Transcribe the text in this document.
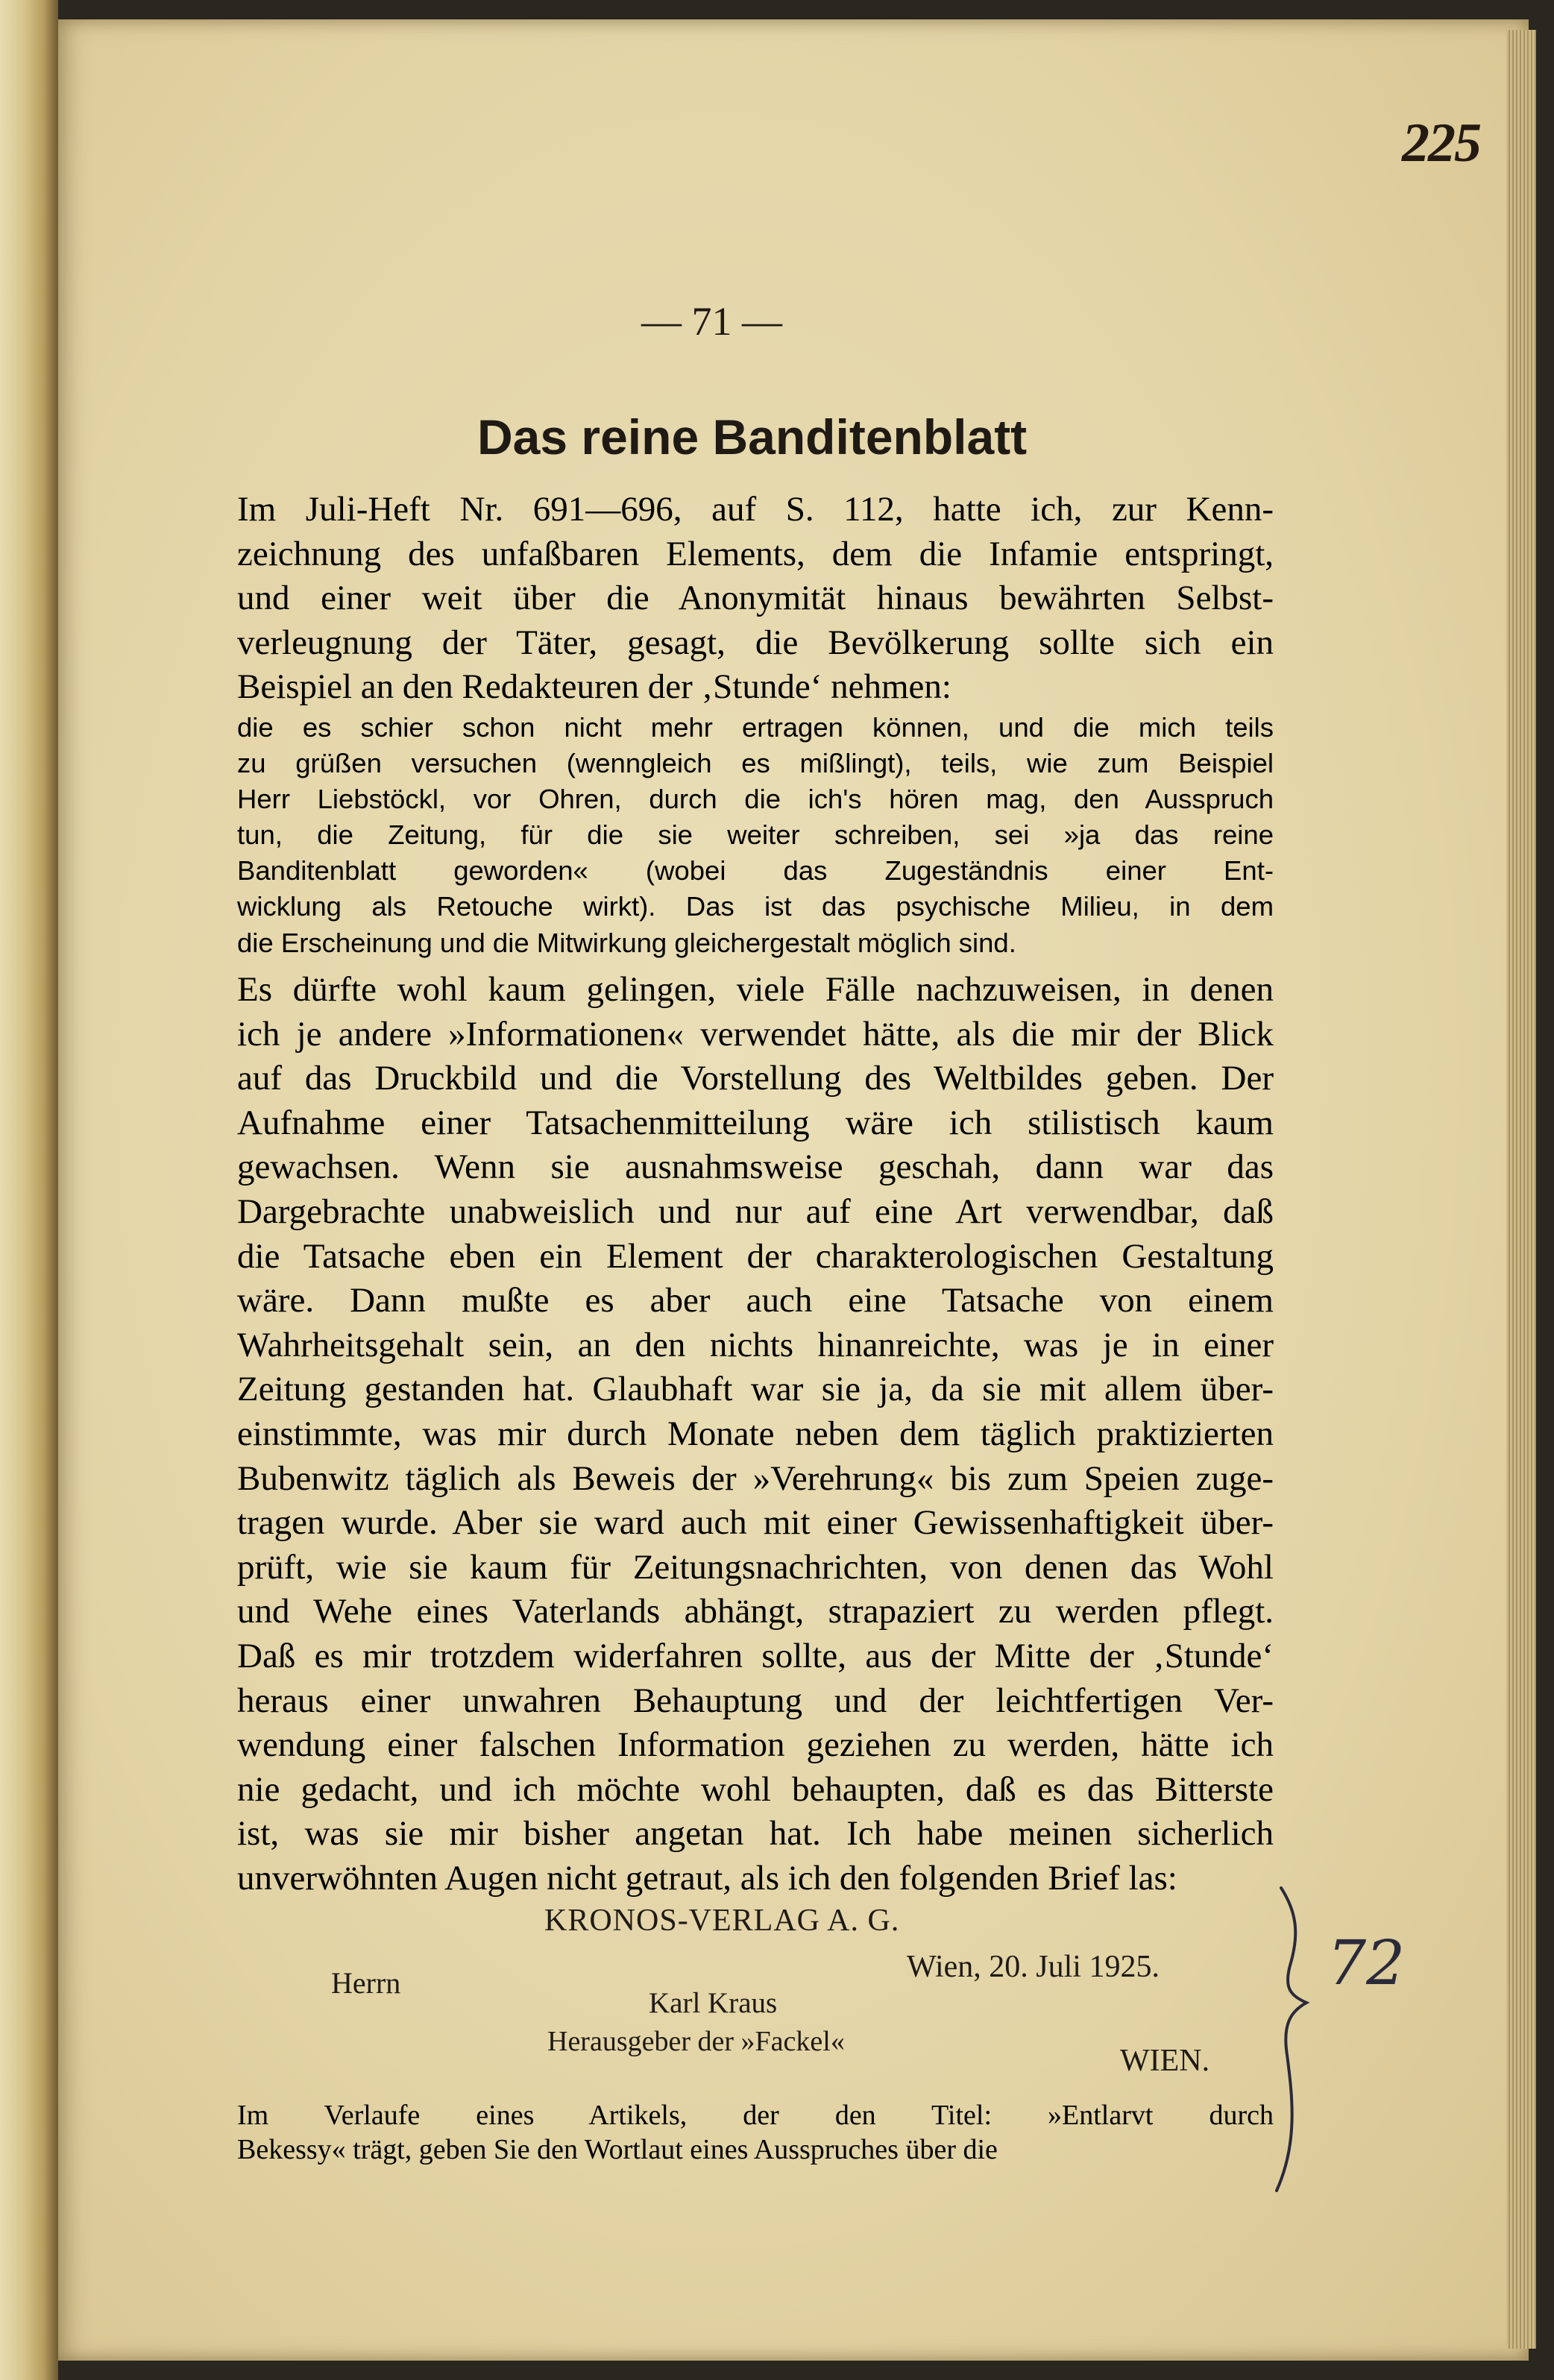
225
— 71 —
Das reine Banditenblatt
Im Juli-Heft Nr. 691—696, auf S. 112, hatte ich, zur Kenn-
zeichnung des unfaßbaren Elements, dem die Infamie entspringt,
und einer weit über die Anonymität hinaus bewährten Selbst-
verleugnung der Täter, gesagt, die Bevölkerung sollte sich ein
Beispiel an den Redakteuren der ‚Stunde‘ nehmen:
die es schier schon nicht mehr ertragen können, und die mich teils
zu grüßen versuchen (wenngleich es mißlingt), teils, wie zum Beispiel
Herr Liebstöckl, vor Ohren, durch die ich's hören mag, den Ausspruch
tun, die Zeitung, für die sie weiter schreiben, sei »ja das reine
Banditenblatt geworden« (wobei das Zugeständnis einer Ent-
wicklung als Retouche wirkt). Das ist das psychische Milieu, in dem
die Erscheinung und die Mitwirkung gleichergestalt möglich sind.
Es dürfte wohl kaum gelingen, viele Fälle nachzuweisen, in denen
ich je andere »Informationen« verwendet hätte, als die mir der Blick
auf das Druckbild und die Vorstellung des Weltbildes geben. Der
Aufnahme einer Tatsachenmitteilung wäre ich stilistisch kaum
gewachsen. Wenn sie ausnahmsweise geschah, dann war das
Dargebrachte unabweislich und nur auf eine Art verwendbar, daß
die Tatsache eben ein Element der charakterologischen Gestaltung
wäre. Dann mußte es aber auch eine Tatsache von einem
Wahrheitsgehalt sein, an den nichts hinanreichte, was je in einer
Zeitung gestanden hat. Glaubhaft war sie ja, da sie mit allem über-
einstimmte, was mir durch Monate neben dem täglich praktizierten
Bubenwitz täglich als Beweis der »Verehrung« bis zum Speien zuge-
tragen wurde. Aber sie ward auch mit einer Gewissenhaftigkeit über-
prüft, wie sie kaum für Zeitungsnachrichten, von denen das Wohl
und Wehe eines Vaterlands abhängt, strapaziert zu werden pflegt.
Daß es mir trotzdem widerfahren sollte, aus der Mitte der ‚Stunde‘
heraus einer unwahren Behauptung und der leichtfertigen Ver-
wendung einer falschen Information geziehen zu werden, hätte ich
nie gedacht, und ich möchte wohl behaupten, daß es das Bitterste
ist, was sie mir bisher angetan hat. Ich habe meinen sicherlich
unverwöhnten Augen nicht getraut, als ich den folgenden Brief las:
KRONOS-VERLAG A. G.
Wien, 20. Juli 1925.
Herrn
Karl Kraus
Herausgeber der »Fackel«
WIEN.
Im Verlaufe eines Artikels, der den Titel: »Entlarvt durch
Bekessy« trägt, geben Sie den Wortlaut eines Ausspruches über die
72
